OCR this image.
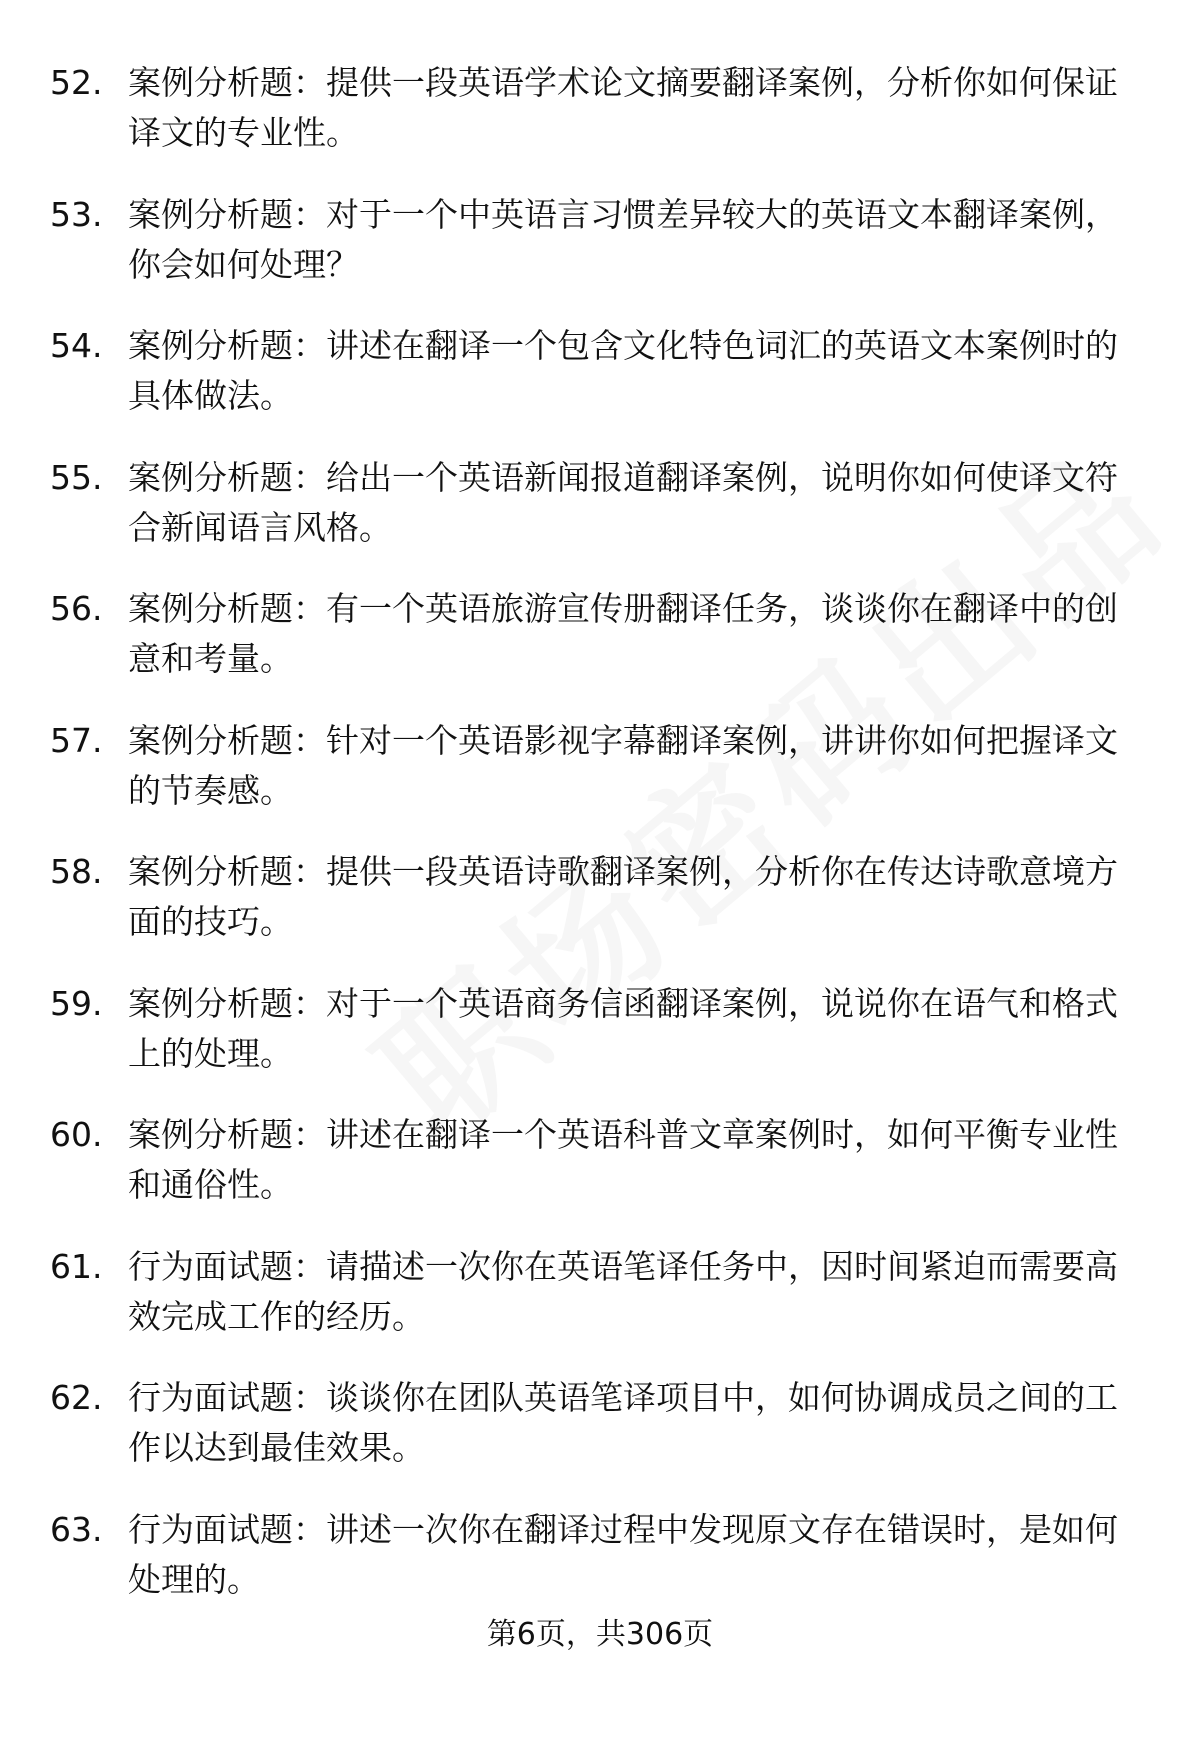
52. 案例分析题：提供一段英语学术论文摘要翻译案例，分析你如何保证译文的专业性。
53. 案例分析题：对于一个中英语言习惯差异较大的英语文本翻译案例，你会如何处理？
54. 案例分析题：讲述在翻译一个包含文化特色词汇的英语文本案例时的具体做法。
55. 案例分析题：给出一个英语新闻报道翻译案例，说明你如何使译文符合新闻语言风格。
56. 案例分析题：有一个英语旅游宣传册翻译任务，谈谈你在翻译中的创意和考量。
57. 案例分析题：针对一个英语影视字幕翻译案例，讲讲你如何把握译文的节奏感。
58. 案例分析题：提供一段英语诗歌翻译案例，分析你在传达诗歌意境方面的技巧。
59. 案例分析题：对于一个英语商务信函翻译案例，说说你在语气和格式上的处理。
60. 案例分析题：讲述在翻译一个英语科普文章案例时，如何平衡专业性和通俗性。
61. 行为面试题：请描述一次你在英语笔译任务中，因时间紧迫而需要高效完成工作的经历。
62. 行为面试题：谈谈你在团队英语笔译项目中，如何协调成员之间的工作以达到最佳效果。
63. 行为面试题：讲述一次你在翻译过程中发现原文存在错误时，是如何处理的。
第6页，共306页
